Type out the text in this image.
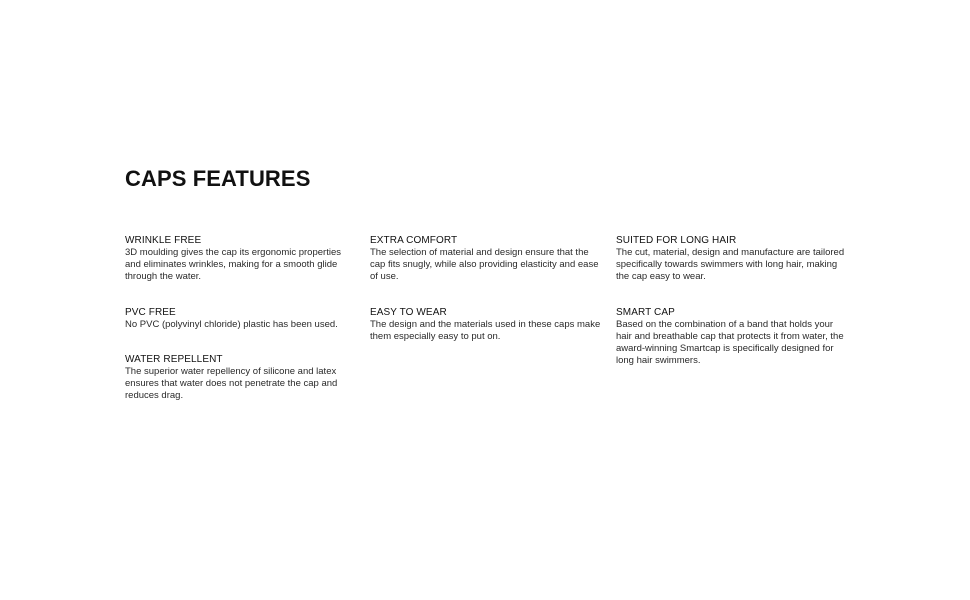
CAPS FEATURES
WRINKLE FREE
3D moulding gives the cap its ergonomic properties and eliminates wrinkles, making for a smooth glide through the water.
PVC FREE
No PVC (polyvinyl chloride) plastic has been used.
WATER REPELLENT
The superior water repellency of silicone and latex ensures that water does not penetrate the cap and reduces drag.
EXTRA COMFORT
The selection of material and design ensure that the cap fits snugly, while also providing elasticity and ease of use.
EASY TO WEAR
The design and the materials used in these caps make them especially easy to put on.
SUITED FOR LONG HAIR
The cut, material, design and manufacture are tailored specifically towards swimmers with long hair, making the cap easy to wear.
SMART CAP
Based on the combination of a band that holds your hair and breathable cap that protects it from water, the award-winning Smartcap is specifically designed for long hair swimmers.
